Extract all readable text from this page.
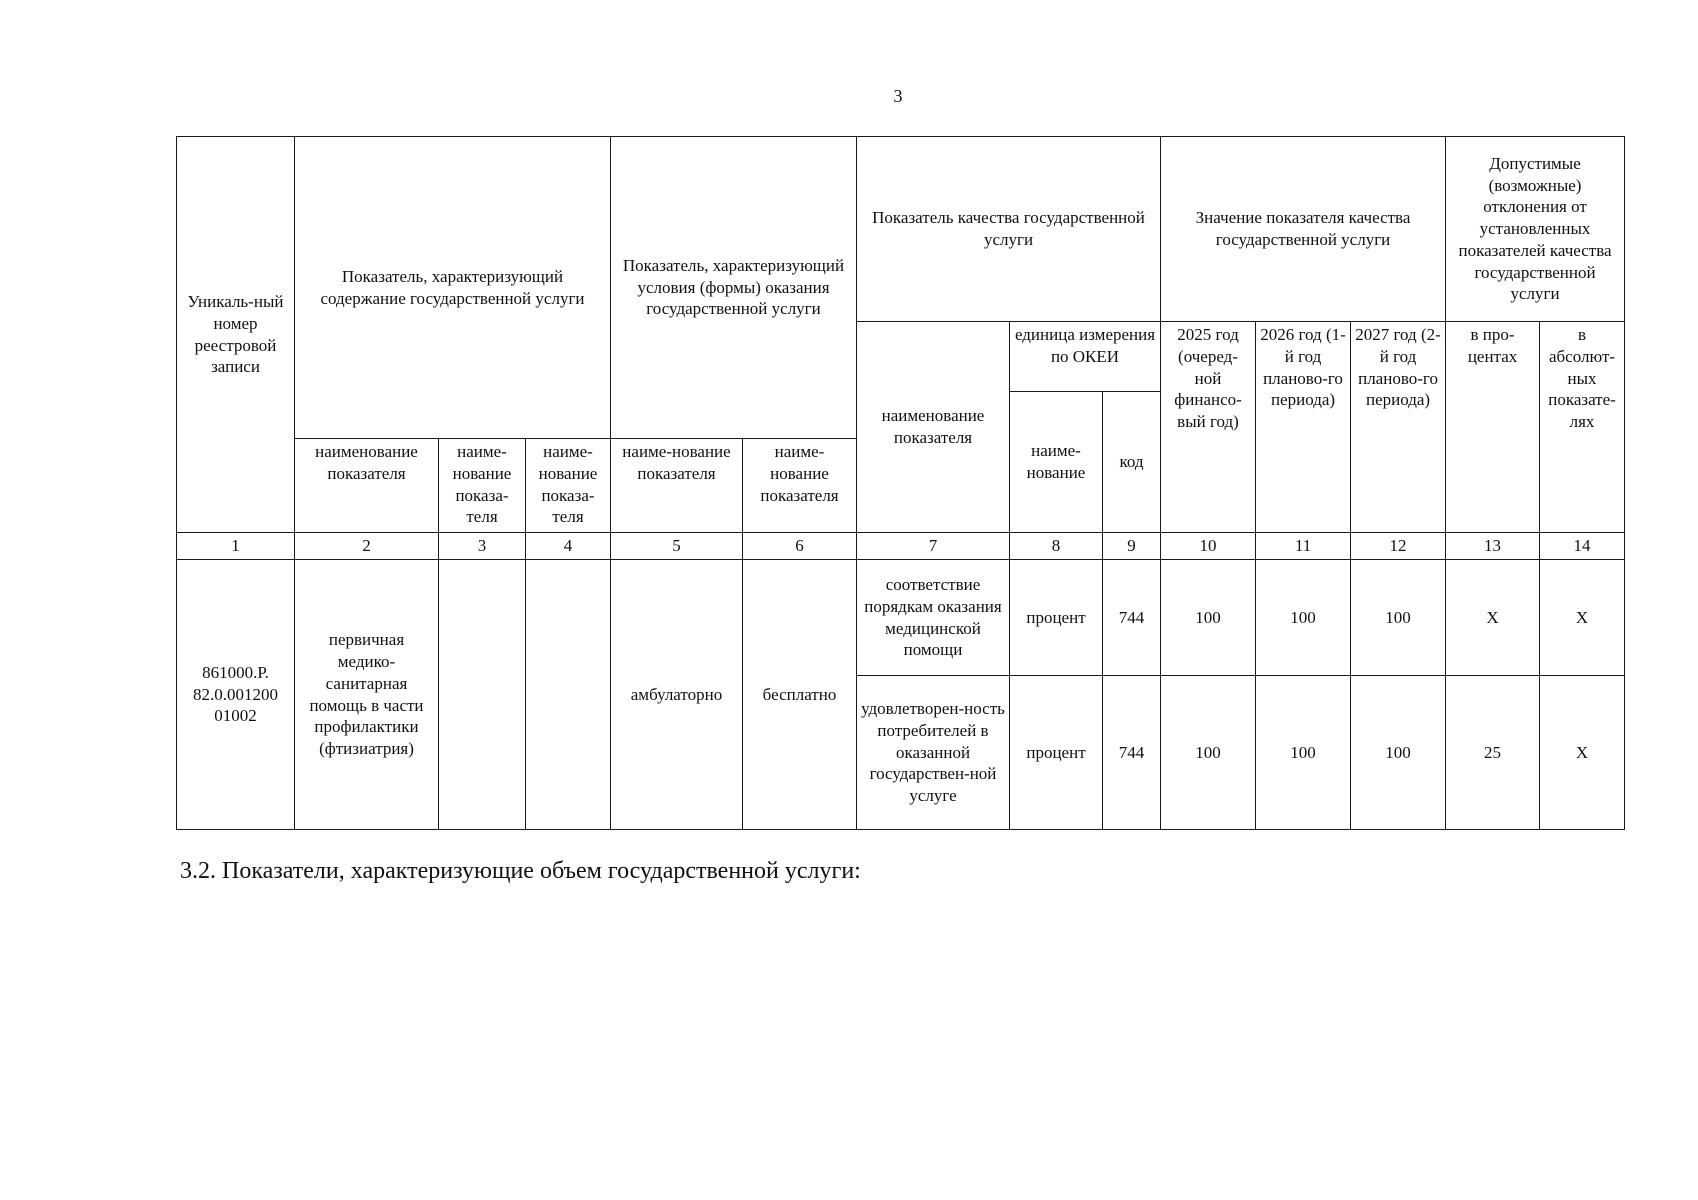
3
Уникаль-ный номер реестровой записи	Показатель, характеризующий содержание государственной услуги			Показатель, характеризующий условия (формы) оказания государственной услуги		Показатель качества государственной услуги			Значение показателя качества государственной услуги			Допустимые (возможные) отклонения от установленных показателей качества государственной услуги	
						наименование показателя	единица измерения по ОКЕИ		2025 год (очеред-ной финансо-вый год)	2026 год (1-й год планово-го периода)	2027 год (2-й год планово-го периода)	в про-центах	в абсолют-ных показате-лях
							наиме-нование	код					
	наименование показателя	наиме-нование показа-теля	наиме-нование показа-теля	наиме-нование показателя	наиме-нование показателя								
1	2	3	4	5	6	7	8	9	10	11	12	13	14
861000.Р. 82.0.001200 01002	первичная медико-санитарная помощь в части профилактики (фтизиатрия)			амбулаторно	бесплатно	соответствие порядкам оказания медицинской помощи	процент	744	100	100	100	X	X
						удовлетворен-ность потребителей в оказанной государствен-ной услуге	процент	744	100	100	100	25	X
3.2. Показатели, характеризующие объем государственной услуги:
